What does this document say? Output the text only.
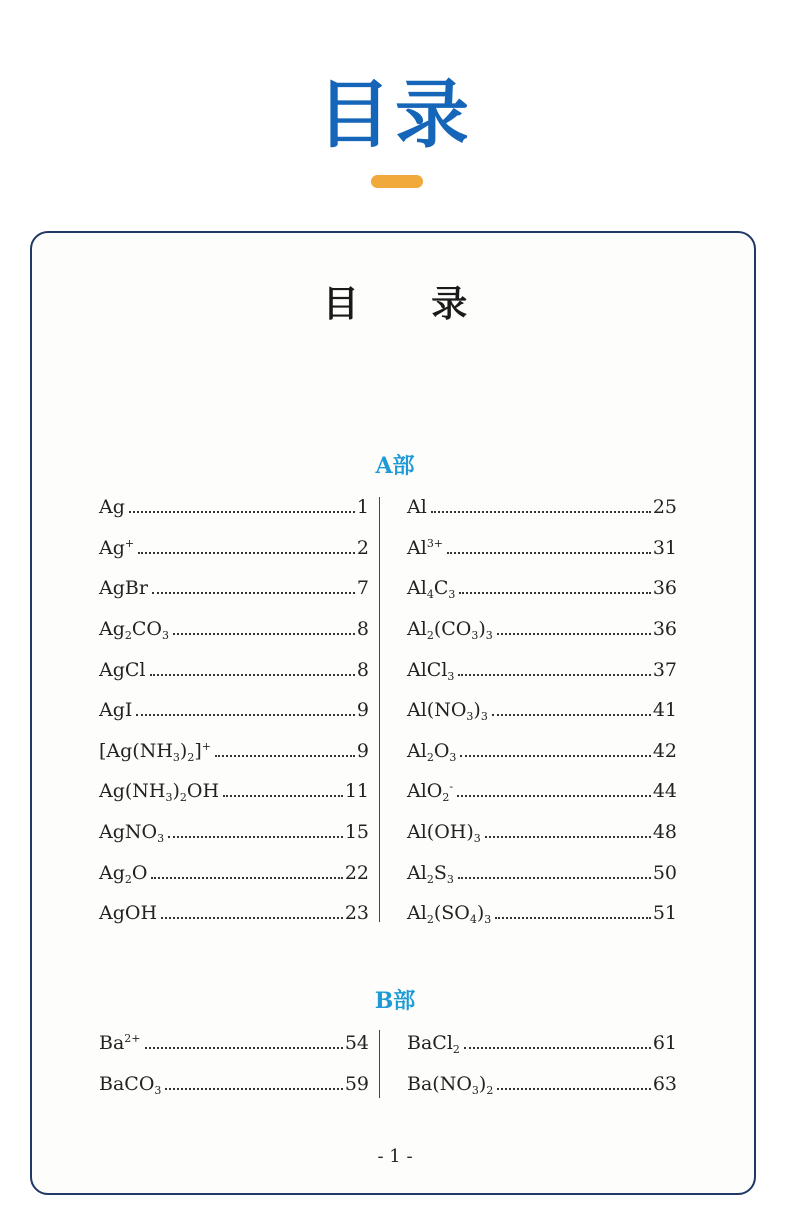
目录
目 录
A部
Ag	1
Ag+	2
AgBr	7
$Ag_2CO_3$	8
AgCl	8
AgI	9
$[Ag(NH_3)_2]^+$	9
$Ag(NH_3)_2OH$	11
AgNO$_3$	15
$Ag_2O$	22
AgOH	23
Al	25
$Al^{3+}$	31
$Al_4C_3$	36
$Al_2(CO_3)_3$	36
AlCl$_3$	37
$Al(NO_3)_3$	41
$Al_2O_3$	42
AlO$_2$-	44
$Al(OH)_3$	48
$Al_2S_3$	50
$Al_2(SO_4)_3$	51
B部
$Ba^{2+}$	54
BaCO$_3$	59
BaCl$_2$	61
$Ba(NO_3)_2$	63
- 1 -
